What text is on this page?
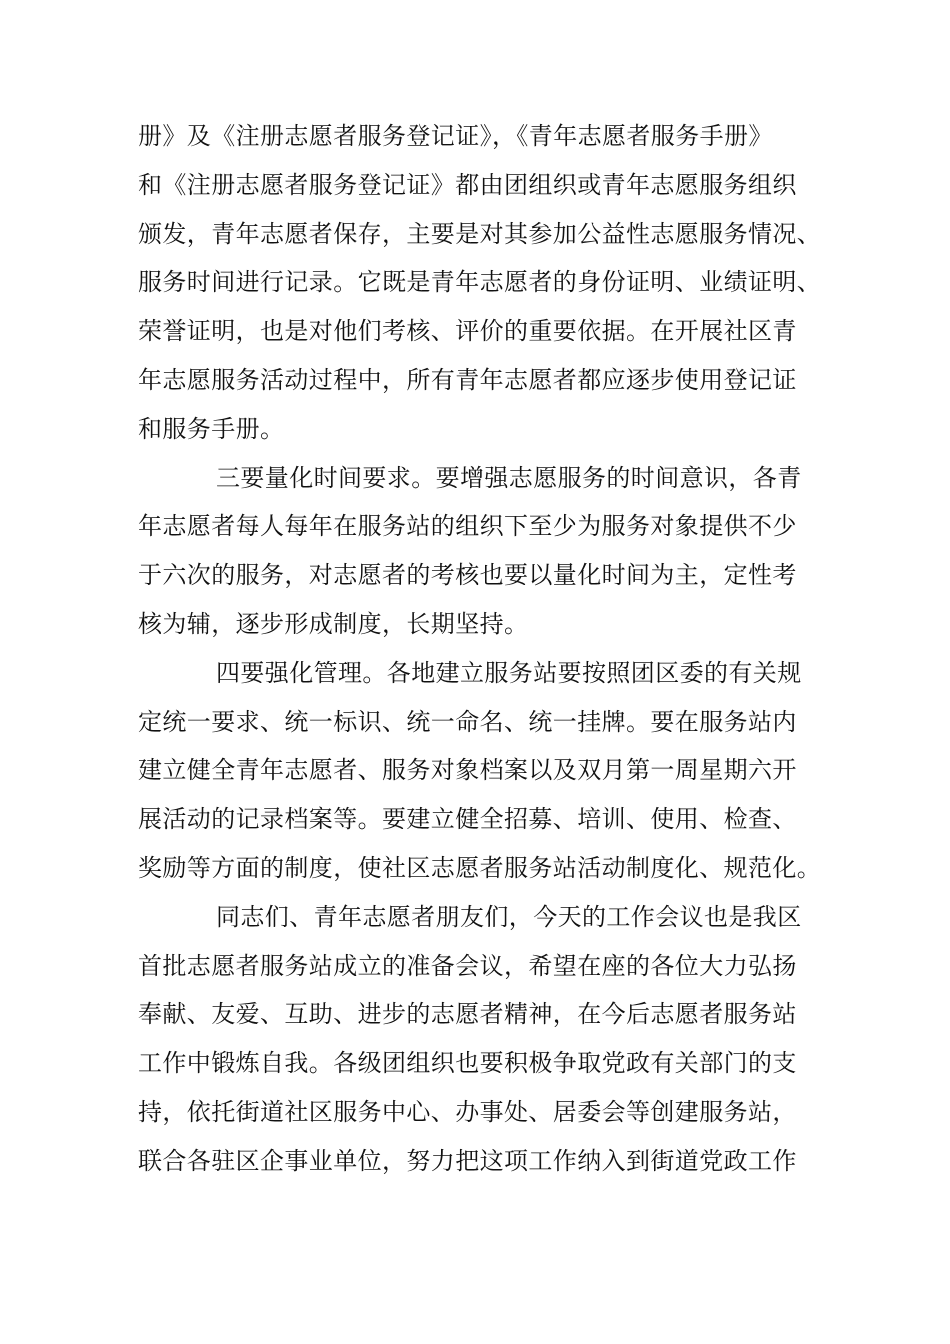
册》及《注册志愿者服务登记证》，《青年志愿者服务手册》
和《注册志愿者服务登记证》都由团组织或青年志愿服务组织
颁发，青年志愿者保存，主要是对其参加公益性志愿服务情况、
服务时间进行记录。它既是青年志愿者的身份证明、业绩证明、
荣誉证明，也是对他们考核、评价的重要依据。在开展社区青
年志愿服务活动过程中，所有青年志愿者都应逐步使用登记证
和服务手册。
三要量化时间要求。要增强志愿服务的时间意识，各青
年志愿者每人每年在服务站的组织下至少为服务对象提供不少
于六次的服务，对志愿者的考核也要以量化时间为主，定性考
核为辅，逐步形成制度，长期坚持。
四要强化管理。各地建立服务站要按照团区委的有关规
定统一要求、统一标识、统一命名、统一挂牌。要在服务站内
建立健全青年志愿者、服务对象档案以及双月第一周星期六开
展活动的记录档案等。要建立健全招募、培训、使用、检查、
奖励等方面的制度，使社区志愿者服务站活动制度化、规范化。
同志们、青年志愿者朋友们，今天的工作会议也是我区
首批志愿者服务站成立的准备会议，希望在座的各位大力弘扬
奉献、友爱、互助、进步的志愿者精神，在今后志愿者服务站
工作中锻炼自我。各级团组织也要积极争取党政有关部门的支
持，依托街道社区服务中心、办事处、居委会等创建服务站，
联合各驻区企事业单位，努力把这项工作纳入到街道党政工作
